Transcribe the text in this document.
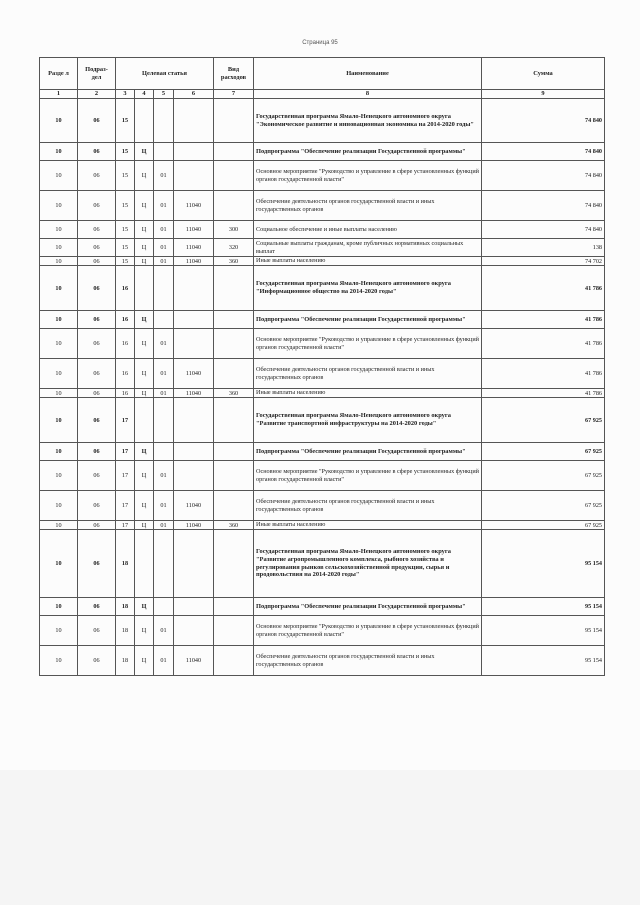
Страница 95
Разде л	Подраз- дел	Целевая статья				Вид расходов	Наименование	Сумма
1	2	3	4	5	6	7	8	9
10	06	15					Государственная программа Ямало-Ненецкого автономного округа "Экономическое развитие и инновационная экономика на 2014-2020 годы"	74 840
10	06	15	Ц				Подпрограмма "Обеспечение реализации Государственной программы"	74 840
10	06	15	Ц	01			Основное мероприятие "Руководство и управление в сфере установленных функций органов государственной власти"	74 840
10	06	15	Ц	01	11040		Обеспечение деятельности органов государственной власти и иных государственных органов	74 840
10	06	15	Ц	01	11040	300	Социальное обеспечение и иные выплаты населению	74 840
10	06	15	Ц	01	11040	320	Социальные выплаты гражданам, кроме публичных нормативных социальных выплат	138
10	06	15	Ц	01	11040	360	Иные выплаты населению	74 702
10	06	16					Государственная программа Ямало-Ненецкого автономного округа "Информационное общество на 2014-2020 годы"	41 786
10	06	16	Ц				Подпрограмма "Обеспечение реализации Государственной программы"	41 786
10	06	16	Ц	01			Основное мероприятие "Руководство и управление в сфере установленных функций органов государственной власти"	41 786
10	06	16	Ц	01	11040		Обеспечение деятельности органов государственной власти и иных государственных органов	41 786
10	06	16	Ц	01	11040	360	Иные выплаты населению	41 786
10	06	17					Государственная программа Ямало-Ненецкого автономного округа "Развитие транспортной инфраструктуры на 2014-2020 годы"	67 925
10	06	17	Ц				Подпрограмма "Обеспечение реализации Государственной программы"	67 925
10	06	17	Ц	01			Основное мероприятие "Руководство и управление в сфере установленных функций органов государственной власти"	67 925
10	06	17	Ц	01	11040		Обеспечение деятельности органов государственной власти и иных государственных органов	67 925
10	06	17	Ц	01	11040	360	Иные выплаты населению	67 925
10	06	18					Государственная программа Ямало-Ненецкого автономного округа "Развитие агропромышленного комплекса, рыбного хозяйства и регулирования рынков сельскохозяйственной продукции, сырья и продовольствия на 2014-2020 годы"	95 154
10	06	18	Ц				Подпрограмма "Обеспечение реализации Государственной программы"	95 154
10	06	18	Ц	01			Основное мероприятие "Руководство и управление в сфере установленных функций органов государственной власти"	95 154
10	06	18	Ц	01	11040		Обеспечение деятельности органов государственной власти и иных государственных органов	95 154
